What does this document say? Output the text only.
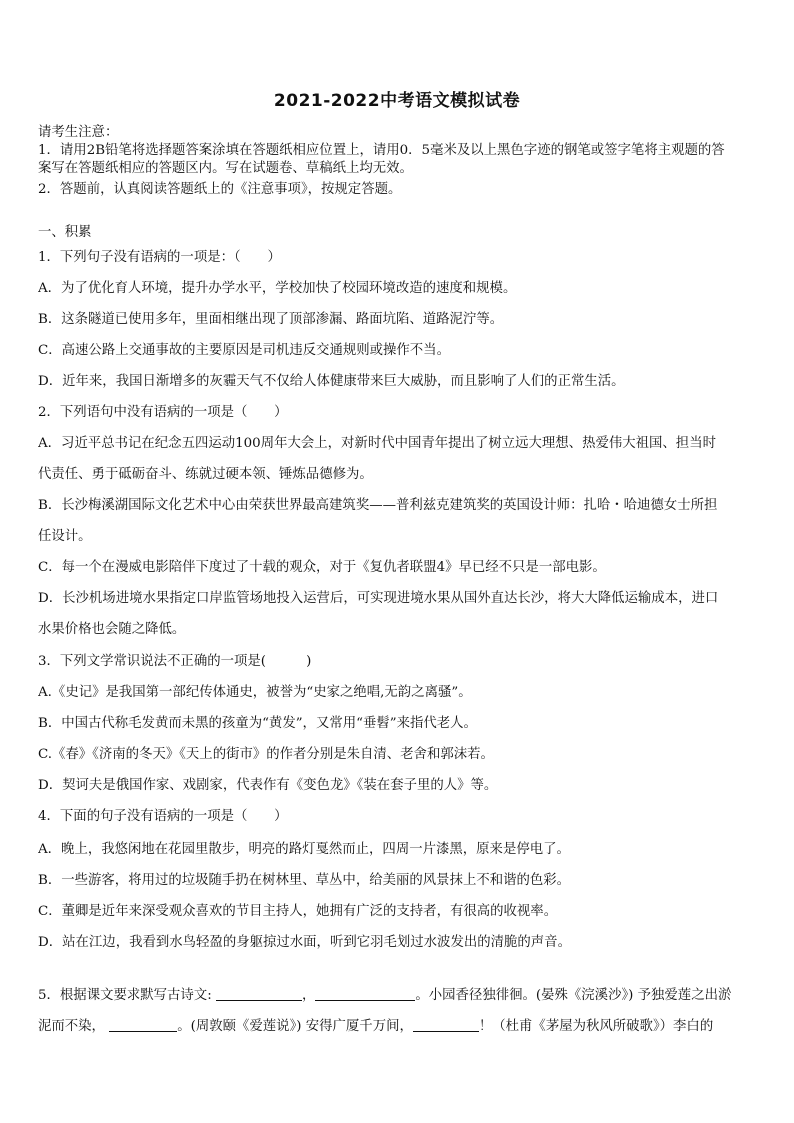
2021-2022中考语文模拟试卷
请考生注意：
1．请用2B铅笔将选择题答案涂填在答题纸相应位置上，请用0．5毫米及以上黑色字迹的钢笔或签字笔将主观题的答
案写在答题纸相应的答题区内。写在试题卷、草稿纸上均无效。
2．答题前，认真阅读答题纸上的《注意事项》，按规定答题。
一、积累
1．下列句子没有语病的一项是：（　　）
A．为了优化育人环境，提升办学水平，学校加快了校园环境改造的速度和规模。
B．这条隧道已使用多年，里面相继出现了顶部渗漏、路面坑陷、道路泥泞等。
C．高速公路上交通事故的主要原因是司机违反交通规则或操作不当。
D．近年来，我国日渐增多的灰霾天气不仅给人体健康带来巨大威胁，而且影响了人们的正常生活。
2．下列语句中没有语病的一项是（　　）
A．习近平总书记在纪念五四运动100周年大会上，对新时代中国青年提出了树立远大理想、热爱伟大祖国、担当时
代责任、勇于砥砺奋斗、练就过硬本领、锤炼品德修为。
B．长沙梅溪湖国际文化艺术中心由荣获世界最高建筑奖——普利兹克建筑奖的英国设计师：扎哈・哈迪德女士所担
任设计。
C．每一个在漫威电影陪伴下度过了十载的观众，对于《复仇者联盟4》早已经不只是一部电影。
D．长沙机场进境水果指定口岸监管场地投入运营后，可实现进境水果从国外直达长沙，将大大降低运输成本，进口
水果价格也会随之降低。
3．下列文学常识说法不正确的一项是(　　　)
A.《史记》是我国第一部纪传体通史，被誉为“史家之绝唱,无韵之离骚”。
B．中国古代称毛发黄而未黑的孩童为“黄发”，又常用“垂髫”来指代老人。
C.《春》《济南的冬天》《天上的街市》的作者分别是朱自清、老舍和郭沫若。
D．契诃夫是俄国作家、戏剧家，代表作有《变色龙》《装在套子里的人》等。
4．下面的句子没有语病的一项是（　　）
A．晚上，我悠闲地在花园里散步，明亮的路灯戛然而止，四周一片漆黑，原来是停电了。
B．一些游客，将用过的垃圾随手扔在树林里、草丛中，给美丽的风景抹上不和谐的色彩。
C．董卿是近年来深受观众喜欢的节目主持人，她拥有广泛的支持者，有很高的收视率。
D．站在江边，我看到水鸟轻盈的身躯掠过水面，听到它羽毛划过水波发出的清脆的声音。
5．根据课文要求默写古诗文:	，	。小园香径独徘徊。(晏殊《浣溪沙》) 予独爱莲之出淤
泥而不染，	。(周敦颐《爱莲说》) 安得广厦千万间，	！（杜甫《茅屋为秋风所破歌》）李白的
